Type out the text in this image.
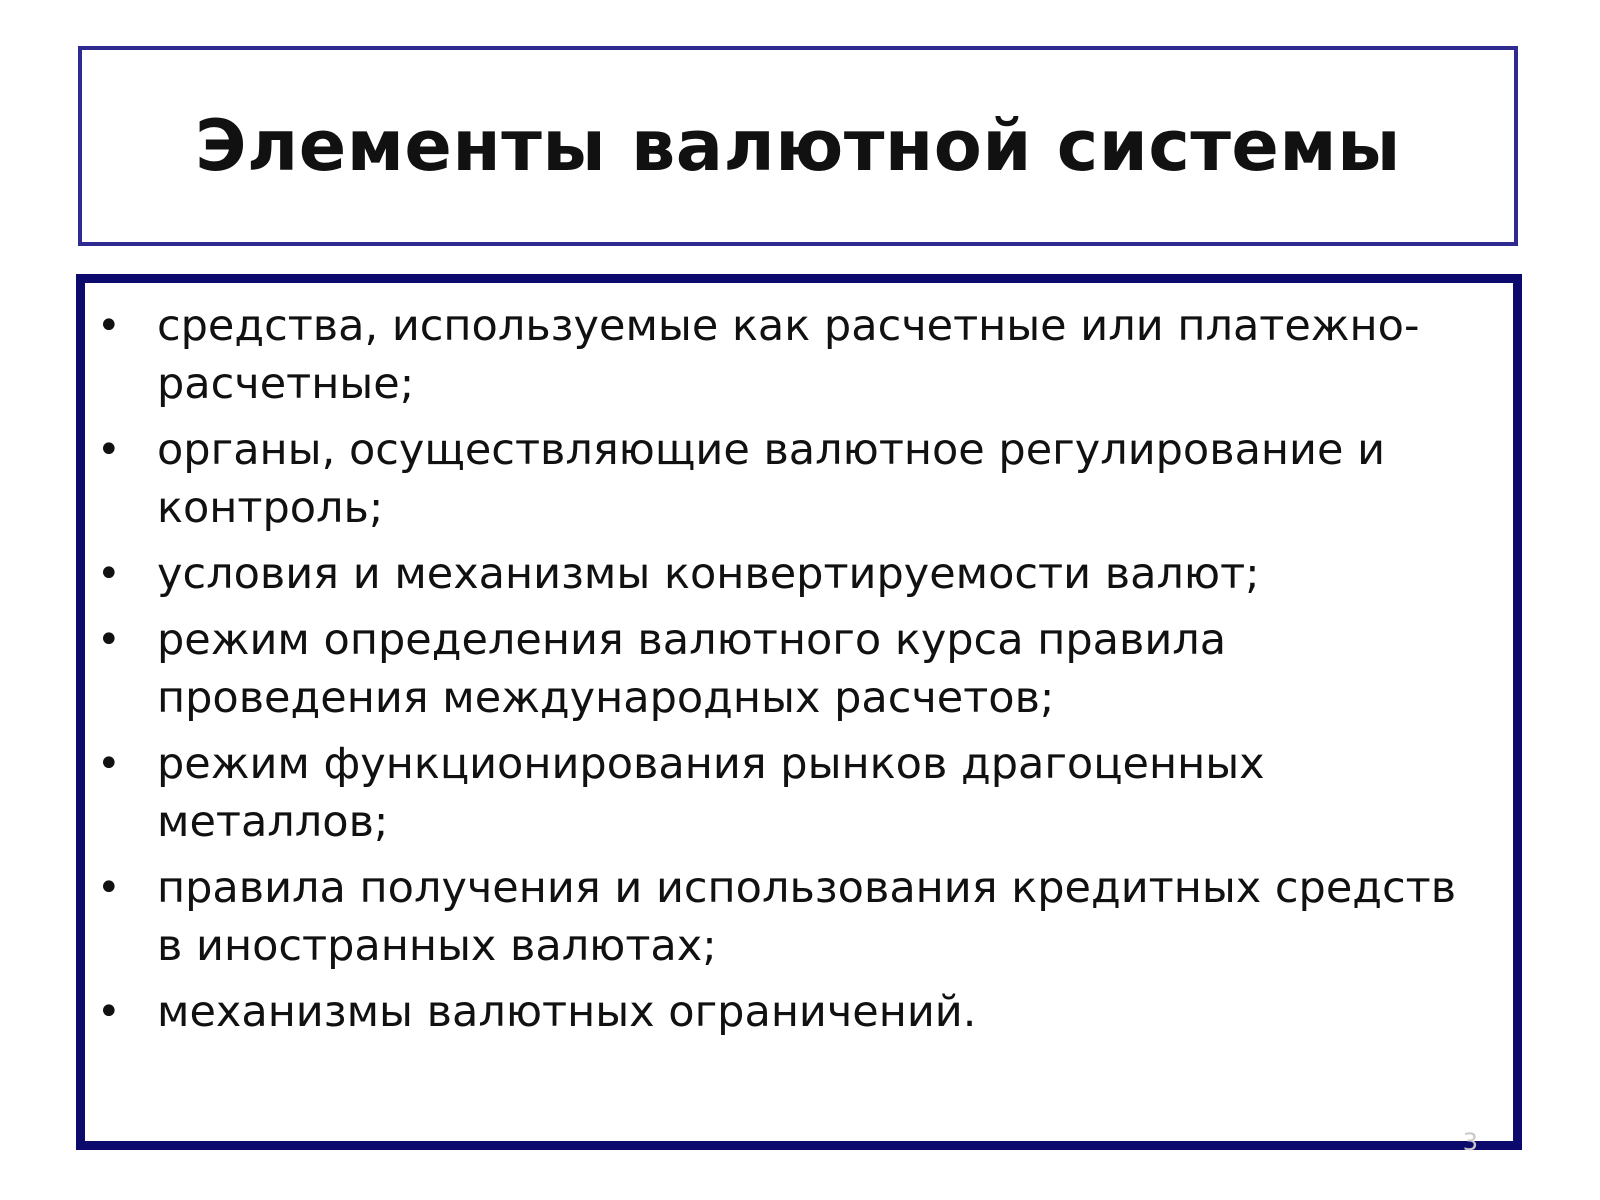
Элементы валютной системы
• средства, используемые как расчетные или платежно-расчетные;
• органы, осуществляющие валютное регулирование и контроль;
• условия и механизмы конвертируемости валют;
• режим определения валютного курса правила проведения международных расчетов;
• режим функционирования рынков драгоценных металлов;
• правила получения и использования кредитных средств в иностранных валютах;
• механизмы валютных ограничений.
3
